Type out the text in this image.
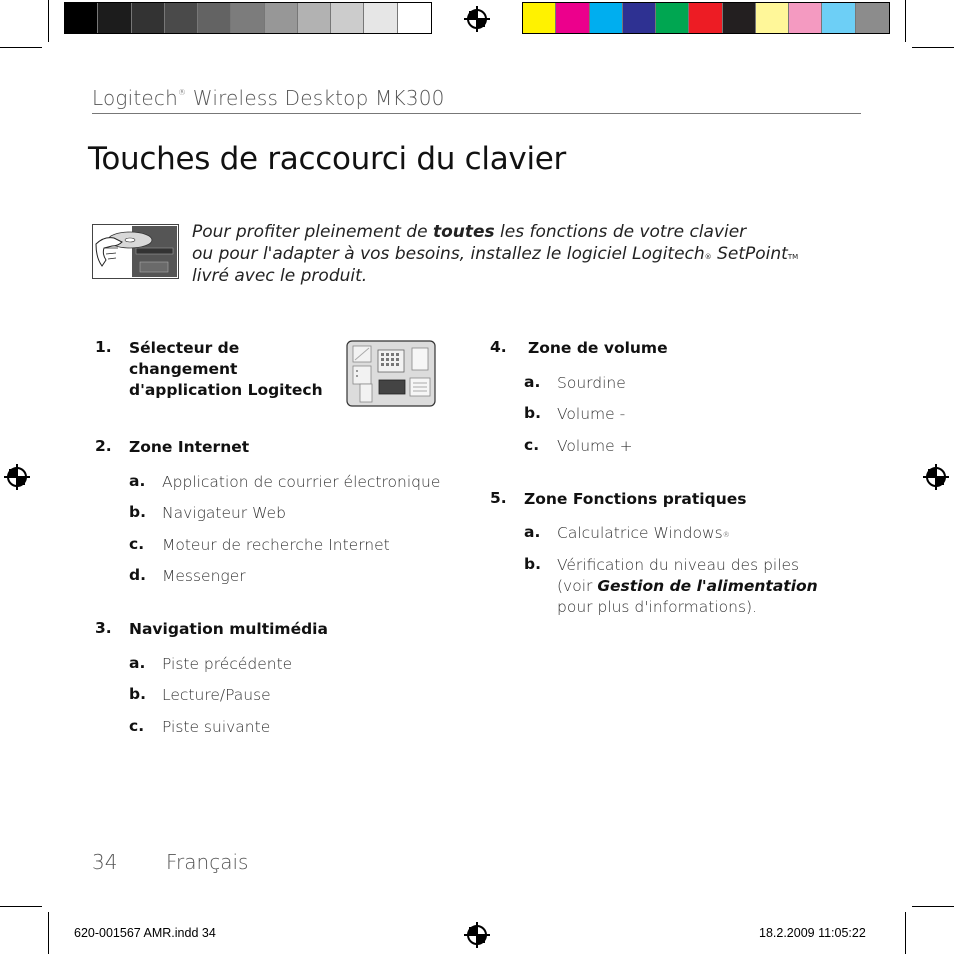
Logitech® Wireless Desktop MK300
Touches de raccourci du clavier
Pour profiter pleinement de toutes les fonctions de votre clavier
ou pour l'adapter à vos besoins, installez le logiciel Logitech® SetPoint™
livré avec le produit.
1. Sélecteur de changement d'application Logitech
2. Zone Internet
a. Application de courrier électronique
b. Navigateur Web
c. Moteur de recherche Internet
d. Messenger
3. Navigation multimédia
a. Piste précédente
b. Lecture/Pause
c. Piste suivante
4. Zone de volume
a. Sourdine
b. Volume -
c. Volume +
5. Zone Fonctions pratiques
a. Calculatrice Windows®
b. Vérification du niveau des piles
(voir Gestion de l'alimentation
pour plus d'informations).
34 Français
620-001567 AMR.indd 34	18.2.2009 11:05:22
